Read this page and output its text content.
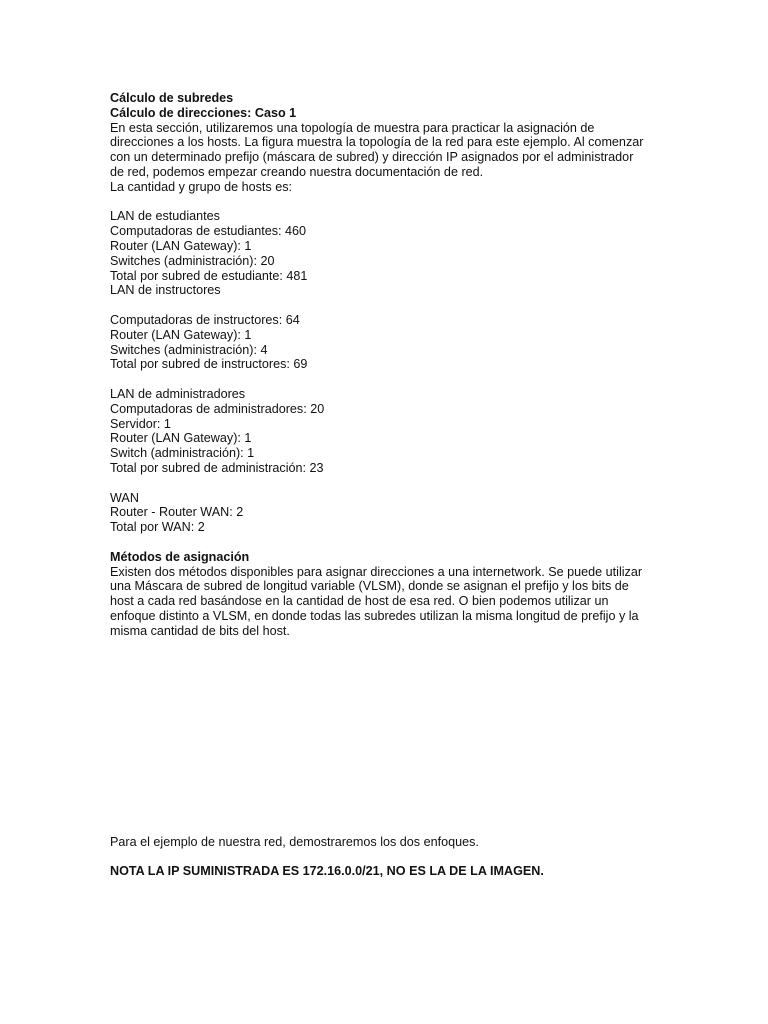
Cálculo de subredes
Cálculo de direcciones: Caso 1
En esta sección, utilizaremos una topología de muestra para practicar la asignación de
direcciones a los hosts. La figura muestra la topología de la red para este ejemplo. Al comenzar
con un determinado prefijo (máscara de subred) y dirección IP asignados por el administrador
de red, podemos empezar creando nuestra documentación de red.
La cantidad y grupo de hosts es:
LAN de estudiantes
Computadoras de estudiantes: 460
Router (LAN Gateway): 1
Switches (administración): 20
Total por subred de estudiante: 481
LAN de instructores
Computadoras de instructores: 64
Router (LAN Gateway): 1
Switches (administración): 4
Total por subred de instructores: 69
LAN de administradores
Computadoras de administradores: 20
Servidor: 1
Router (LAN Gateway): 1
Switch (administración): 1
Total por subred de administración: 23
WAN
Router - Router WAN: 2
Total por WAN: 2
Métodos de asignación
Existen dos métodos disponibles para asignar direcciones a una internetwork. Se puede utilizar
una Máscara de subred de longitud variable (VLSM), donde se asignan el prefijo y los bits de
host a cada red basándose en la cantidad de host de esa red. O bien podemos utilizar un
enfoque distinto a VLSM, en donde todas las subredes utilizan la misma longitud de prefijo y la
misma cantidad de bits del host.
Para el ejemplo de nuestra red, demostraremos los dos enfoques.
NOTA LA IP SUMINISTRADA ES 172.16.0.0/21, NO ES LA DE LA IMAGEN.
